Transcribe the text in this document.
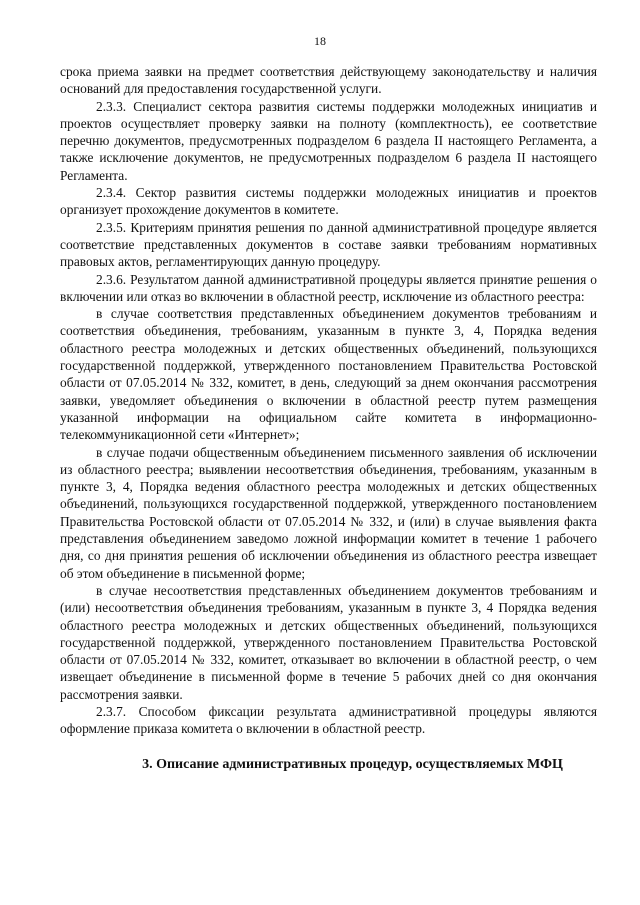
18

срока приема заявки на предмет соответствия действующему законодательству и наличия оснований для предоставления государственной услуги.

2.3.3. Специалист сектора развития системы поддержки молодежных инициатив и проектов осуществляет проверку заявки на полноту (комплектность), ее соответствие перечню документов, предусмотренных подразделом 6 раздела II настоящего Регламента, а также исключение документов, не предусмотренных подразделом 6 раздела II настоящего Регламента.

2.3.4. Сектор развития системы поддержки молодежных инициатив и проектов организует прохождение документов в комитете.

2.3.5. Критериям принятия решения по данной административной процедуре является соответствие представленных документов в составе заявки требованиям нормативных правовых актов, регламентирующих данную процедуру.

2.3.6. Результатом данной административной процедуры является принятие решения о включении или отказ во включении в областной реестр, исключение из областного реестра:

в случае соответствия представленных объединением документов требованиям и соответствия объединения, требованиям, указанным в пункте 3, 4, Порядка ведения областного реестра молодежных и детских общественных объединений, пользующихся государственной поддержкой, утвержденного постановлением Правительства Ростовской области от 07.05.2014 № 332, комитет, в день, следующий за днем окончания рассмотрения заявки, уведомляет объединения о включении в областной реестр путем размещения указанной информации на официальном сайте комитета в информационно-телекоммуникационной сети «Интернет»;

в случае подачи общественным объединением письменного заявления об исключении из областного реестра; выявлении несоответствия объединения, требованиям, указанным в пункте 3, 4, Порядка ведения областного реестра молодежных и детских общественных объединений, пользующихся государственной поддержкой, утвержденного постановлением Правительства Ростовской области от 07.05.2014 № 332, и (или) в случае выявления факта представления объединением заведомо ложной информации комитет в течение 1 рабочего дня, со дня принятия решения об исключении объединения из областного реестра извещает об этом объединение в письменной форме;

в случае несоответствия представленных объединением документов требованиям и (или) несоответствия объединения требованиям, указанным в пункте 3, 4 Порядка ведения областного реестра молодежных и детских общественных объединений, пользующихся государственной поддержкой, утвержденного постановлением Правительства Ростовской области от 07.05.2014 № 332, комитет, отказывает во включении в областной реестр, о чем извещает объединение в письменной форме в течение 5 рабочих дней со дня окончания рассмотрения заявки.

2.3.7. Способом фиксации результата административной процедуры являются оформление приказа комитета о включении в областной реестр.

3. Описание административных процедур, осуществляемых МФЦ
